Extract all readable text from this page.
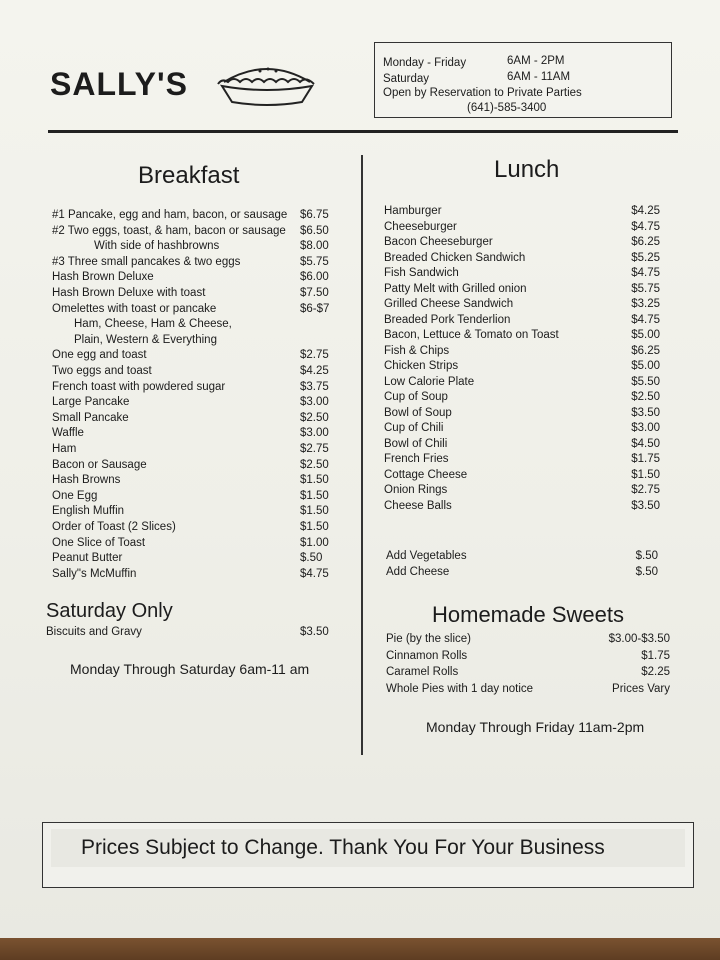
SALLY'S
Monday - Friday	6AM - 2PM
Saturday	6AM - 11AM
Open by Reservation to Private Parties
(641)-585-3400
Breakfast
#1 Pancake, egg and ham, bacon, or sausage $6.75
#2 Two eggs, toast, & ham, bacon or sausage $6.50
With side of hashbrowns	$8.00
#3 Three small pancakes & two eggs	$5.75
Hash Brown Deluxe	$6.00
Hash Brown Deluxe with toast	$7.50
Omelettes with toast or pancake	$6-$7
Ham, Cheese, Ham & Cheese,
Plain, Western & Everything
One egg and toast	$2.75
Two eggs and toast	$4.25
French toast with powdered sugar	$3.75
Large Pancake	$3.00
Small Pancake	$2.50
Waffle	$3.00
Ham	$2.75
Bacon or Sausage	$2.50
Hash Browns	$1.50
One Egg	$1.50
English Muffin	$1.50
Order of Toast (2 Slices)	$1.50
One Slice of Toast	$1.00
Peanut Butter	$.50
Sally"s McMuffin	$4.75
Saturday Only
Biscuits and Gravy	$3.50
Monday Through Saturday 6am-11 am
Lunch
Hamburger	$4.25
Cheeseburger	$4.75
Bacon Cheeseburger	$6.25
Breaded Chicken Sandwich	$5.25
Fish Sandwich	$4.75
Patty Melt with Grilled onion	$5.75
Grilled Cheese Sandwich	$3.25
Breaded Pork Tenderlion	$4.75
Bacon, Lettuce & Tomato on Toast	$5.00
Fish & Chips	$6.25
Chicken Strips	$5.00
Low Calorie Plate	$5.50
Cup of Soup	$2.50
Bowl of Soup	$3.50
Cup of Chili	$3.00
Bowl of Chili	$4.50
French Fries	$1.75
Cottage Cheese	$1.50
Onion Rings	$2.75
Cheese Balls	$3.50
Add Vegetables	$.50
Add Cheese	$.50
Homemade Sweets
Pie (by the slice)	$3.00-$3.50
Cinnamon Rolls	$1.75
Caramel Rolls	$2.25
Whole Pies with 1 day notice	Prices Vary
Monday Through Friday 11am-2pm
Prices Subject to Change. Thank You For Your Business
